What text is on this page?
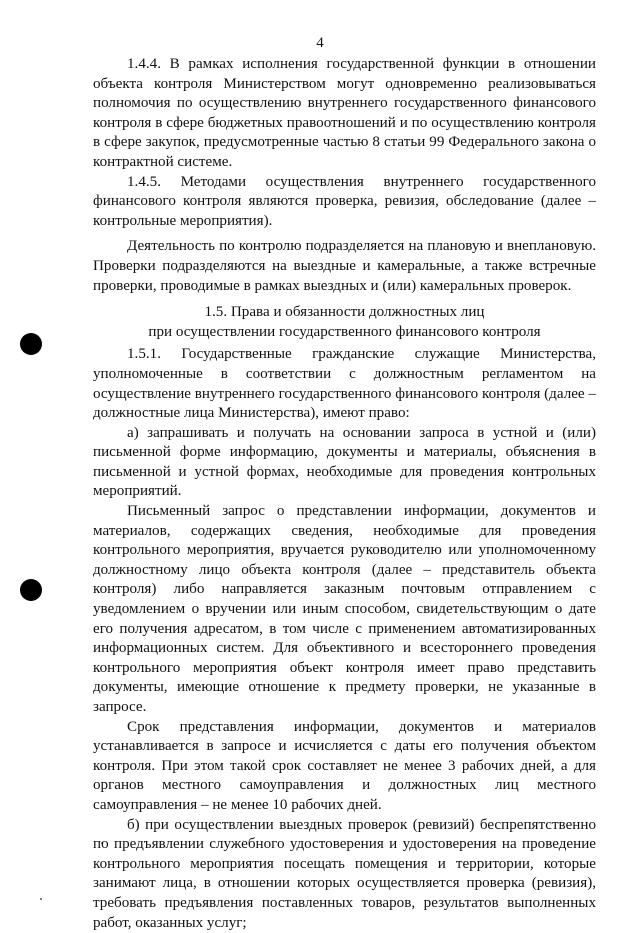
4

1.4.4. В рамках исполнения государственной функции в отношении объекта контроля Министерством могут одновременно реализовываться полномочия по осуществлению внутреннего государственного финансового контроля в сфере бюджетных правоотношений и по осуществлению контроля в сфере закупок, предусмотренные частью 8 статьи 99 Федерального закона о контрактной системе.

1.4.5. Методами осуществления внутреннего государственного финансового контроля являются проверка, ревизия, обследование (далее – контрольные мероприятия).

Деятельность по контролю подразделяется на плановую и внеплановую. Проверки подразделяются на выездные и камеральные, а также встречные проверки, проводимые в рамках выездных и (или) камеральных проверок.

1.5. Права и обязанности должностных лиц
при осуществлении государственного финансового контроля

1.5.1. Государственные гражданские служащие Министерства, уполномоченные в соответствии с должностным регламентом на осуществление внутреннего государственного финансового контроля (далее – должностные лица Министерства), имеют право:

а) запрашивать и получать на основании запроса в устной и (или) письменной форме информацию, документы и материалы, объяснения в письменной и устной формах, необходимые для проведения контрольных мероприятий.

Письменный запрос о представлении информации, документов и материалов, содержащих сведения, необходимые для проведения контрольного мероприятия, вручается руководителю или уполномоченному должностному лицо объекта контроля (далее – представитель объекта контроля) либо направляется заказным почтовым отправлением с уведомлением о вручении или иным способом, свидетельствующим о дате его получения адресатом, в том числе с применением автоматизированных информационных систем. Для объективного и всестороннего проведения контрольного мероприятия объект контроля имеет право представить документы, имеющие отношение к предмету проверки, не указанные в запросе.

Срок представления информации, документов и материалов устанавливается в запросе и исчисляется с даты его получения объектом контроля. При этом такой срок составляет не менее 3 рабочих дней, а для органов местного самоуправления и должностных лиц местного самоуправления – не менее 10 рабочих дней.

б) при осуществлении выездных проверок (ревизий) беспрепятственно по предъявлении служебного удостоверения и удостоверения на проведение контрольного мероприятия посещать помещения и территории, которые занимают лица, в отношении которых осуществляется проверка (ревизия), требовать предъявления поставленных товаров, результатов выполненных работ, оказанных услуг;
